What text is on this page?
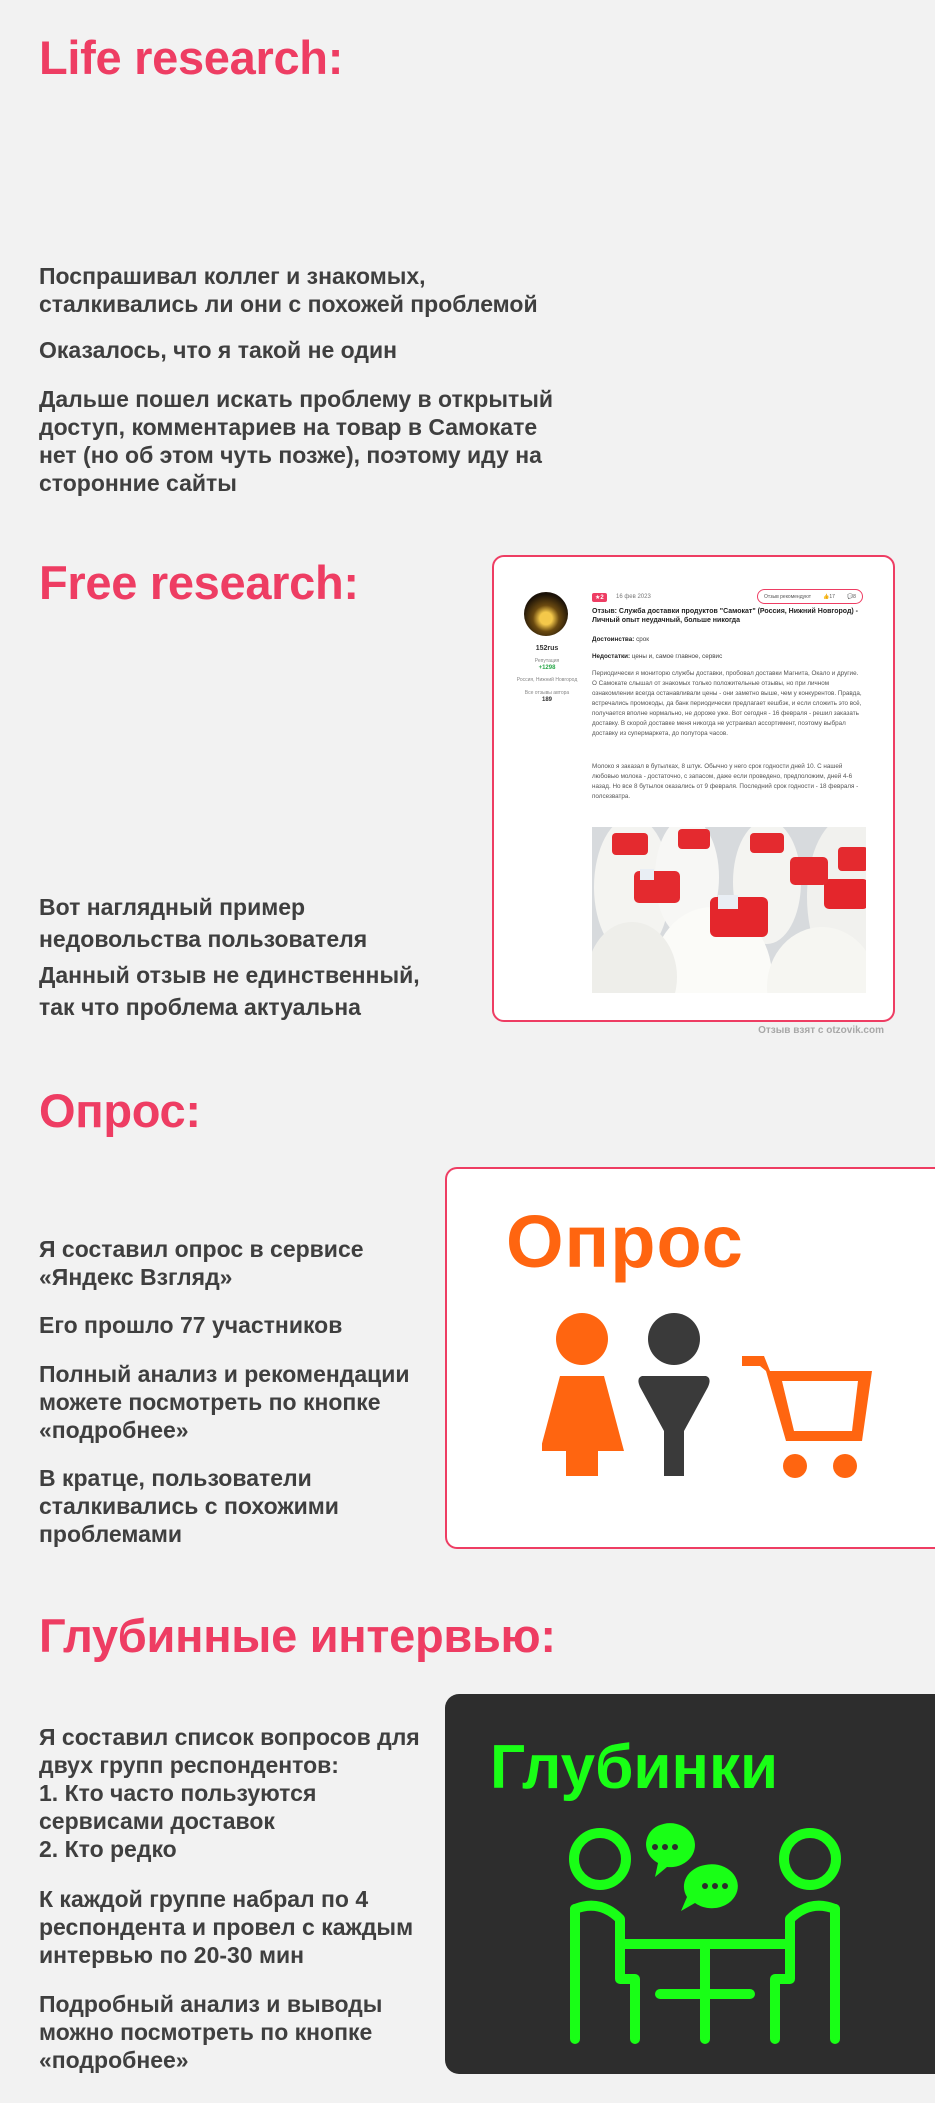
Life research:

Поспрашивал коллег и знакомых,
сталкивались ли они с похожей проблемой

Оказалось, что я такой не один

Дальше пошел искать проблему в открытый
доступ, комментариев на товар в Самокате
нет (но об этом чуть позже), поэтому иду на
сторонние сайты

Free research:

Вот наглядный пример
недовольства пользователя

Данный отзыв не единственный,
так что проблема актуальна

152rus
Репутация
+1298
Россия, Нижний Новгород
Все отзывы автора
189
★2	16 фев 2023	Отзыв рекомендуют 👍17 💬8
Отзыв: Служба доставки продуктов "Самокат" (Россия, Нижний Новгород) - Личный опыт неудачный, больше никогда
Достоинства: срок
Недостатки: цены и, самое главное, сервис
Периодически я мониторю службы доставки, пробовал доставки Магнита, Окало и другие. О Самокате слышал от знакомых только положительные отзывы, но при личном ознакомлении всегда останавливали цены - они заметно выше, чем у конкурентов. Правда, встречались промокоды, да банк периодически предлагает кешбэк, и если сложить это всё, получается вполне нормально, не дороже уже. Вот сегодня - 16 февраля - решил заказать доставку. В скорой доставке меня никогда не устраивал ассортимент, поэтому выбрал доставку из супермаркета, до полутора часов.
Молоко я заказал в бутылках, 8 штук. Обычно у него срок годности дней 10. С нашей любовью молока - достаточно, с запасом, даже если проведено, предположим, дней 4-6 назад. Но все 8 бутылок оказались от 9 февраля. Последний срок годности - 18 февраля - полсезватра.
Отзыв взят с otzovik.com
Опрос:

Я составил опрос в сервисе
«Яндекс Взгляд»

Его прошло 77 участников

Полный анализ и рекомендации
можете посмотреть по кнопке
«подробнее»

В кратце, пользователи
сталкивались с похожими
проблемами

Опрос
Глубинные интервью:

Я составил список вопросов для
двух групп респондентов:
1. Кто часто пользуются
сервисами доставок
2. Кто редко

К каждой группе набрал по 4
респондента и провел с каждым
интервью по 20-30 мин

Подробный анализ и выводы
можно посмотреть по кнопке
«подробнее»

Глубинки
